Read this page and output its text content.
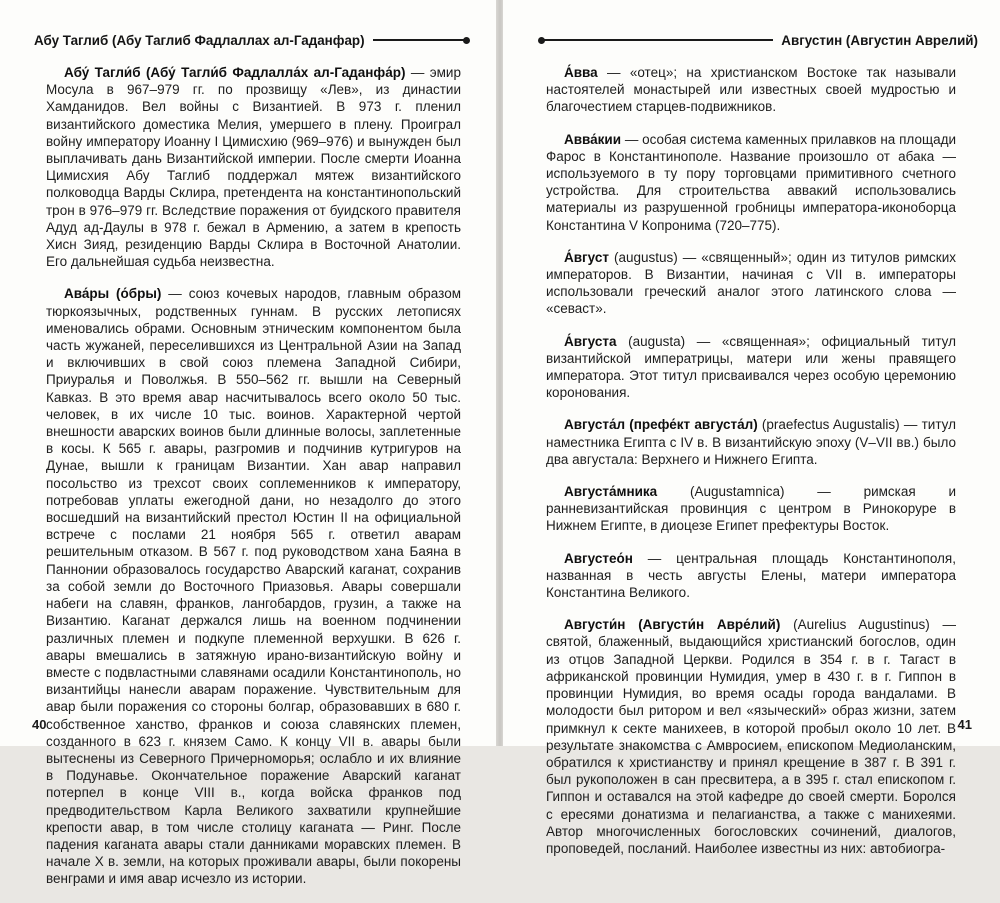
Абу Таглиб (Абу Таглиб Фадлаллах ал-Гаданфар)

Абу́ Тагли́б (Абу́ Тагли́б Фадлалла́х ал-Гаданфа́р) — эмир Мосула в 967–979 гг. по прозвищу «Лев», из династии Хамданидов. Вел войны с Византией. В 973 г. пленил византийского доместика Мелия, умершего в плену. Проиграл войну императору Иоанну I Цимисхию (969–976) и вынужден был выплачивать дань Византийской империи. После смерти Иоанна Цимисхия Абу Таглиб поддержал мятеж византийского полководца Варды Склира, претендента на константинопольский трон в 976–979 гг. Вследствие поражения от буидского правителя Адуд ад-Даулы в 978 г. бежал в Армению, а затем в крепость Хисн Зияд, резиденцию Варды Склира в Восточной Анатолии. Его дальнейшая судьба неизвестна.

Ава́ры (о́бры) — союз кочевых народов, главным образом тюркоязычных, родственных гуннам. В русских летописях именовались обрами. Основным этническим компонентом была часть жужаней, переселившихся из Центральной Азии на Запад и включивших в свой союз племена Западной Сибири, Приуралья и Поволжья. В 550–562 гг. вышли на Северный Кавказ. В это время авар насчитывалось всего около 50 тыс. человек, в их числе 10 тыс. воинов. Характерной чертой внешности аварских воинов были длинные волосы, заплетенные в косы. К 565 г. авары, разгромив и подчинив кутригуров на Дунае, вышли к границам Византии. Хан авар направил посольство из трехсот своих соплеменников к императору, потребовав уплаты ежегодной дани, но незадолго до этого восшедший на византийский престол Юстин II на официальной встрече с послами 21 ноября 565 г. ответил аварам решительным отказом. В 567 г. под руководством хана Баяна в Паннонии образовалось государство Аварский каганат, сохранив за собой земли до Восточного Приазовья. Авары совершали набеги на славян, франков, лангобардов, грузин, а также на Византию. Каганат держался лишь на военном подчинении различных племен и подкупе племенной верхушки. В 626 г. авары вмешались в затяжную ирано-византийскую войну и вместе с подвластными славянами осадили Константинополь, но византийцы нанесли аварам поражение. Чувствительным для авар были поражения со стороны болгар, образовавших в 680 г. собственное ханство, франков и союза славянских племен, созданного в 623 г. князем Само. К концу VII в. авары были вытеснены из Северного Причерноморья; ослабло и их влияние в Подунавье. Окончательное поражение Аварский каганат потерпел в конце VIII в., когда войска франков под предводительством Карла Великого захватили крупнейшие крепости авар, в том числе столицу каганата — Ринг. После падения каганата авары стали данниками моравских племен. В начале X в. земли, на которых проживали авары, были покорены венграми и имя авар исчезло из истории.

40
Августин (Августин Аврелий)

А́вва — «отец»; на христианском Востоке так называли настоятелей монастырей или известных своей мудростью и благочестием старцев-подвижников.

Авва́кии — особая система каменных прилавков на площади Фарос в Константинополе. Название произошло от абака — используемого в ту пору торговцами примитивного счетного устройства. Для строительства аввакий использовались материалы из разрушенной гробницы императора-иконоборца Константина V Копронима (720–775).

А́вгуст (augustus) — «священный»; один из титулов римских императоров. В Византии, начиная с VII в. императоры использовали греческий аналог этого латинского слова — «севаст».

А́вгуста (augusta) — «священная»; официальный титул византийской императрицы, матери или жены правящего императора. Этот титул присваивался через особую церемонию коронования.

Августа́л (префе́кт августа́л) (praefectus Augustalis) — титул наместника Египта с IV в. В византийскую эпоху (V–VII вв.) было два августала: Верхнего и Нижнего Египта.

Августа́мника (Augustamnica) — римская и ранневизантийская провинция с центром в Ринокоруре в Нижнем Египте, в диоцезе Египет префектуры Восток.

Августео́н — центральная площадь Константинополя, названная в честь августы Елены, матери императора Константина Великого.

Августи́н (Августи́н Авре́лий) (Aurelius Augustinus) — святой, блаженный, выдающийся христианский богослов, один из отцов Западной Церкви. Родился в 354 г. в г. Тагаст в африканской провинции Нумидия, умер в 430 г. в г. Гиппон в провинции Нумидия, во время осады города вандалами. В молодости был ритором и вел «языческий» образ жизни, затем примкнул к секте манихеев, в которой пробыл около 10 лет. В результате знакомства с Амвросием, епископом Медиоланским, обратился к христианству и принял крещение в 387 г. В 391 г. был рукоположен в сан пресвитера, а в 395 г. стал епископом г. Гиппон и оставался на этой кафедре до своей смерти. Боролся с ересями донатизма и пелагианства, а также с манихеями. Автор многочисленных богословских сочинений, диалогов, проповедей, посланий. Наиболее известны из них: автобиогра-

41
